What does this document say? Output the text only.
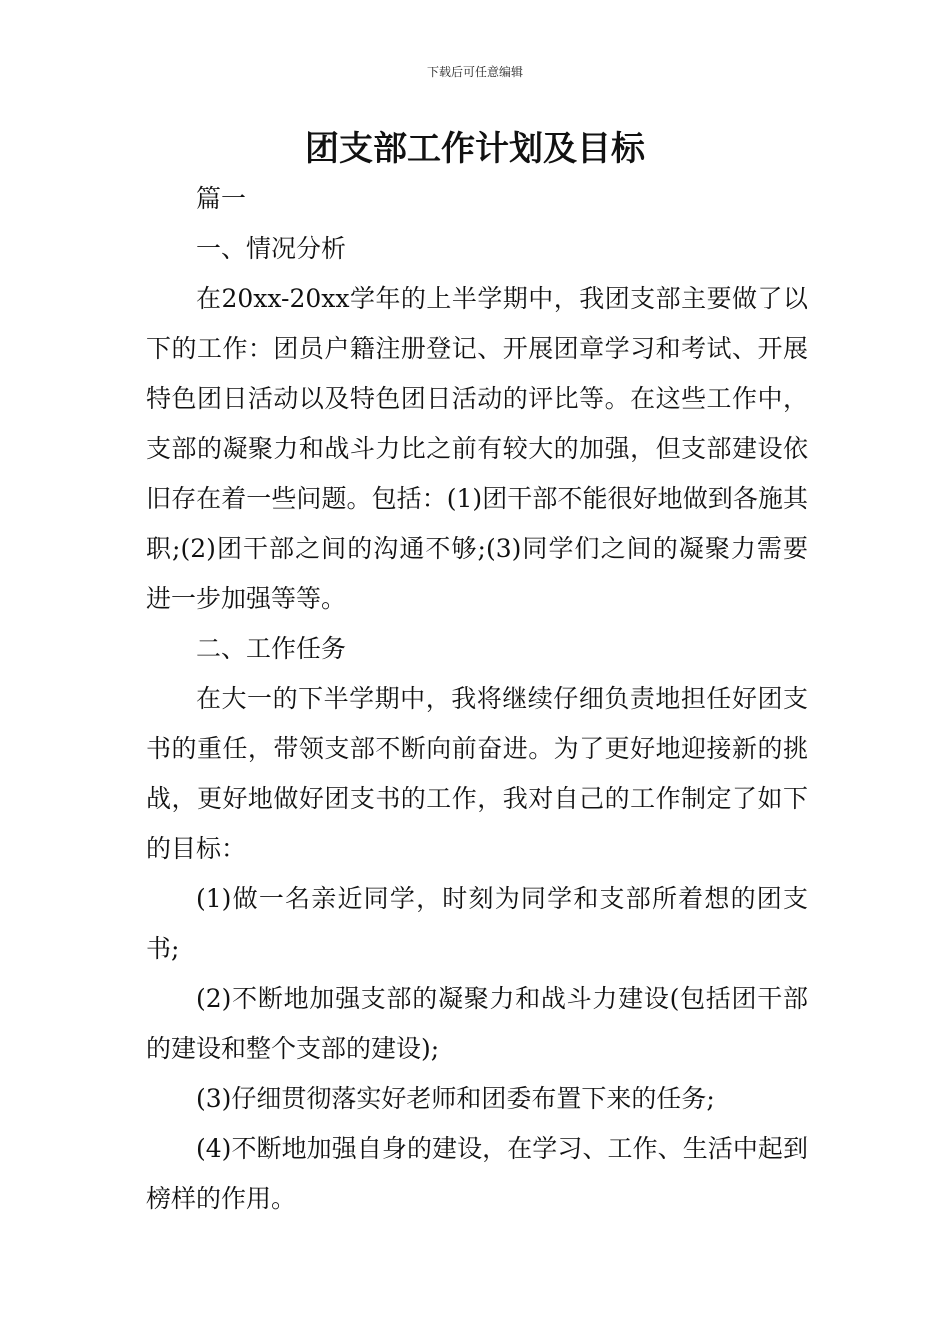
下载后可任意编辑
团支部工作计划及目标

篇一

一、情况分析

在20xx-20xx学年的上半学期中，我团支部主要做了以下的工作：团员户籍注册登记、开展团章学习和考试、开展特色团日活动以及特色团日活动的评比等。在这些工作中，支部的凝聚力和战斗力比之前有较大的加强，但支部建设依旧存在着一些问题。包括：(1)团干部不能很好地做到各施其职;(2)团干部之间的沟通不够;(3)同学们之间的凝聚力需要进一步加强等等。

二、工作任务

在大一的下半学期中，我将继续仔细负责地担任好团支书的重任，带领支部不断向前奋进。为了更好地迎接新的挑战，更好地做好团支书的工作，我对自己的工作制定了如下的目标：

(1)做一名亲近同学，时刻为同学和支部所着想的团支书;

(2)不断地加强支部的凝聚力和战斗力建设(包括团干部的建设和整个支部的建设);

(3)仔细贯彻落实好老师和团委布置下来的任务;

(4)不断地加强自身的建设，在学习、工作、生活中起到榜样的作用。
